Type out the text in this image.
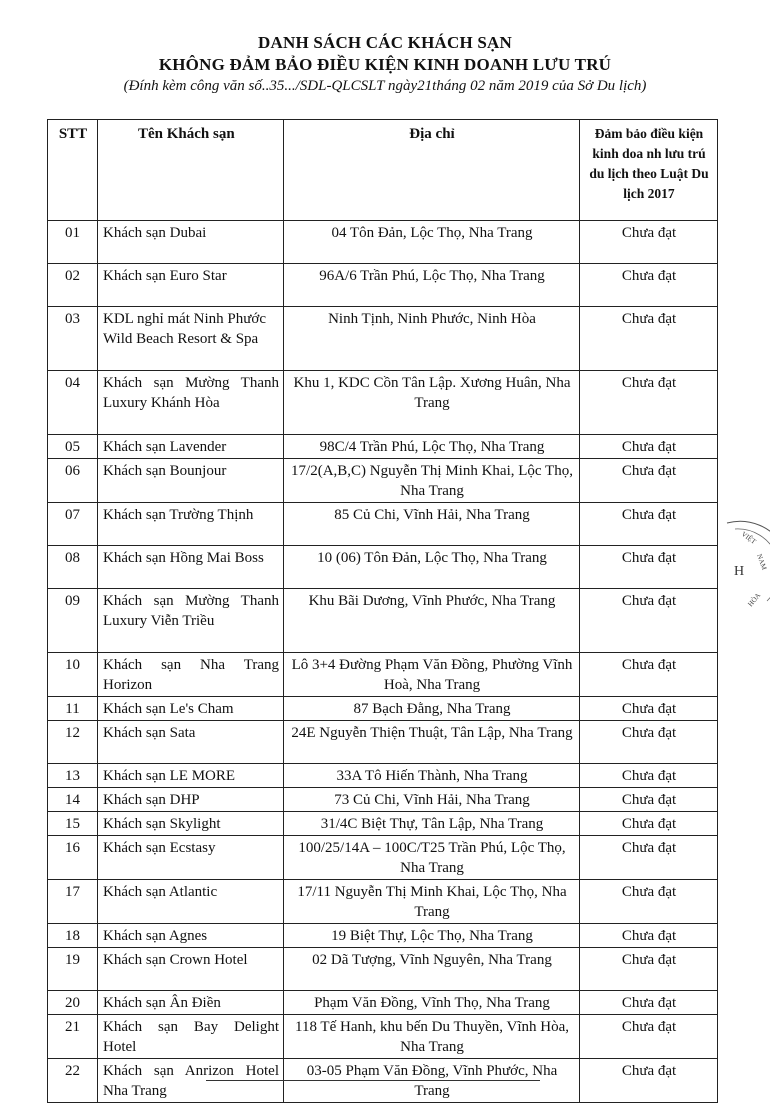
DANH SÁCH CÁC KHÁCH SẠN
KHÔNG ĐẢM BẢO ĐIỀU KIỆN KINH DOANH LƯU TRÚ
(Đính kèm công văn số..35.../SDL-QLCSLT ngày21tháng 02 năm 2019 của Sở Du lịch)
STT	Tên Khách sạn	Địa chỉ	Đảm bảo điều kiện kinh doa nh lưu trú du lịch theo Luật Du lịch 2017
01	Khách sạn Dubai	04 Tôn Đản, Lộc Thọ, Nha Trang	Chưa đạt
02	Khách sạn Euro Star	96A/6 Trần Phú, Lộc Thọ, Nha Trang	Chưa đạt
03	KDL nghỉ mát Ninh Phước Wild Beach Resort & Spa	Ninh Tịnh, Ninh Phước, Ninh Hòa	Chưa đạt
04	Khách sạn Mường Thanh Luxury Khánh Hòa	Khu 1, KDC Cồn Tân Lập. Xương Huân, Nha Trang	Chưa đạt
05	Khách sạn Lavender	98C/4 Trần Phú, Lộc Thọ, Nha Trang	Chưa đạt
06	Khách sạn Bounjour	17/2(A,B,C) Nguyễn Thị Minh Khai, Lộc Thọ, Nha Trang	Chưa đạt
07	Khách sạn Trường Thịnh	85 Củ Chi, Vĩnh Hải, Nha Trang	Chưa đạt
08	Khách sạn Hồng Mai Boss	10 (06) Tôn Đản, Lộc Thọ, Nha Trang	Chưa đạt
09	Khách sạn Mường Thanh Luxury Viễn Triều	Khu Bãi Dương, Vĩnh Phước, Nha Trang	Chưa đạt
10	Khách sạn Nha Trang Horizon	Lô 3+4 Đường Phạm Văn Đồng, Phường Vĩnh Hoà, Nha Trang	Chưa đạt
11	Khách sạn Le's Cham	87 Bạch Đằng, Nha Trang	Chưa đạt
12	Khách sạn Sata	24E Nguyễn Thiện Thuật, Tân Lập, Nha Trang	Chưa đạt
13	Khách sạn LE MORE	33A Tô Hiến Thành, Nha Trang	Chưa đạt
14	Khách sạn DHP	73 Củ Chi, Vĩnh Hải, Nha Trang	Chưa đạt
15	Khách sạn Skylight	31/4C Biệt Thự, Tân Lập, Nha Trang	Chưa đạt
16	Khách sạn Ecstasy	100/25/14A – 100C/T25 Trần Phú, Lộc Thọ, Nha Trang	Chưa đạt
17	Khách sạn Atlantic	17/11 Nguyễn Thị Minh Khai, Lộc Thọ, Nha Trang	Chưa đạt
18	Khách sạn Agnes	19 Biệt Thự, Lộc Thọ, Nha Trang	Chưa đạt
19	Khách sạn Crown Hotel	02 Dã Tượng, Vĩnh Nguyên, Nha Trang	Chưa đạt
20	Khách sạn Ân Điền	Phạm Văn Đồng, Vĩnh Thọ, Nha Trang	Chưa đạt
21	Khách sạn Bay Delight Hotel	118 Tế Hanh, khu bến Du Thuyền, Vĩnh Hòa, Nha Trang	Chưa đạt
22	Khách sạn Anrizon Hotel Nha Trang	03-05 Phạm Văn Đồng, Vĩnh Phước, Nha Trang	Chưa đạt
H
VIỆT
NAM
HÒA
